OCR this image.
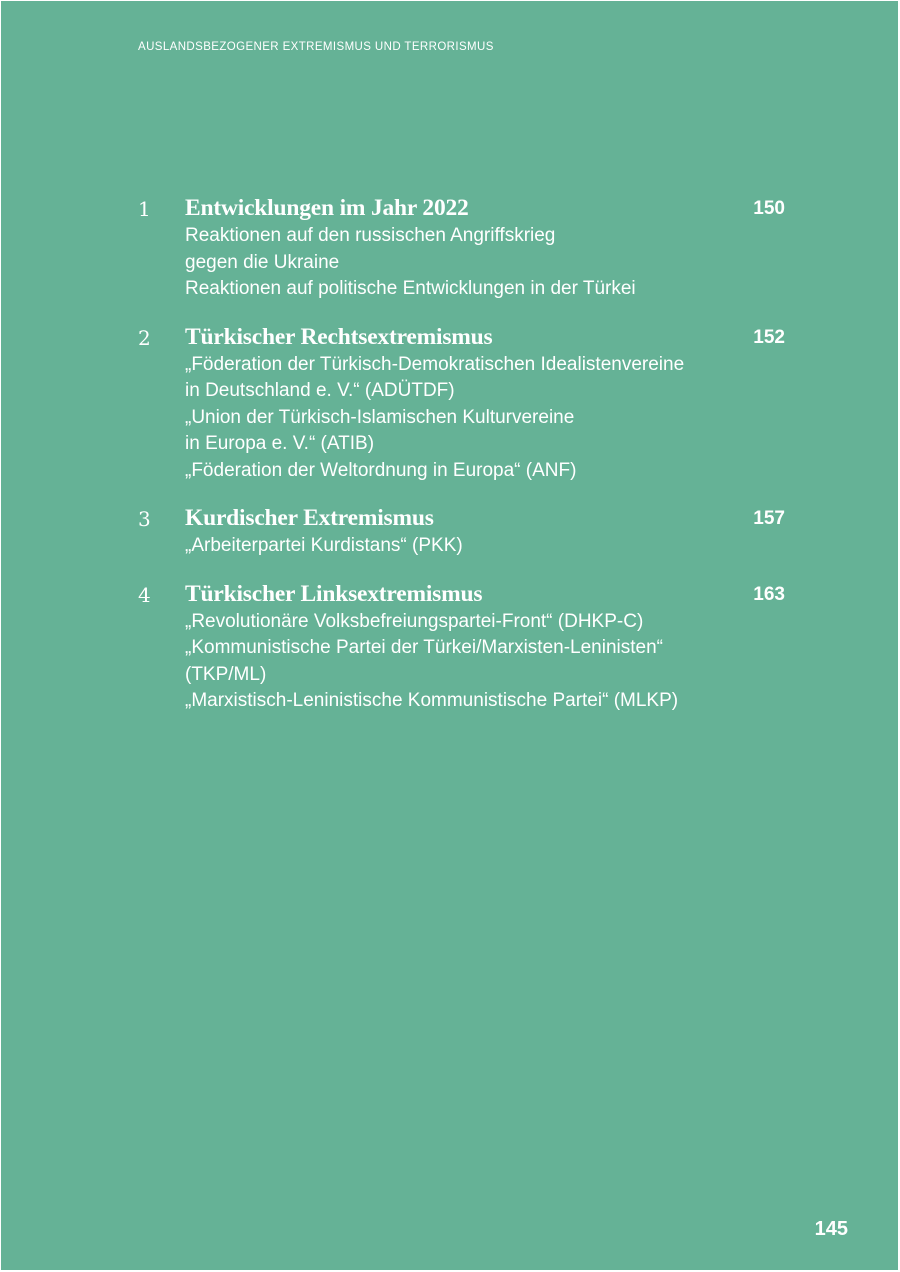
AUSLANDSBEZOGENER EXTREMISMUS UND TERRORISMUS
1 Entwicklungen im Jahr 2022	150
Reaktionen auf den russischen Angriffskrieg
gegen die Ukraine
Reaktionen auf politische Entwicklungen in der Türkei
2 Türkischer Rechtsextremismus	152
„Föderation der Türkisch-Demokratischen Idealistenvereine
in Deutschland e. V.“ (ADÜTDF)
„Union der Türkisch-Islamischen Kulturvereine
in Europa e. V.“ (ATIB)
„Föderation der Weltordnung in Europa“ (ANF)
3 Kurdischer Extremismus	157
„Arbeiterpartei Kurdistans“ (PKK)
4 Türkischer Linksextremismus	163
„Revolutionäre Volksbefreiungspartei-Front“ (DHKP-C)
„Kommunistische Partei der Türkei/Marxisten-Leninisten“
(TKP/ML)
„Marxistisch-Leninistische Kommunistische Partei“ (MLKP)
145
